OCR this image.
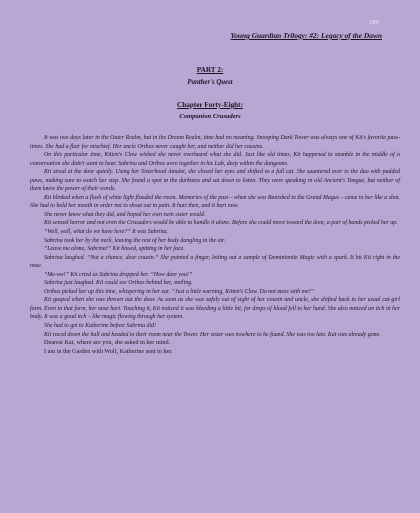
280
Young Guardian Trilogy: #2: Legacy of the Dawn
PART 2:
Panther's Quest
Chapter Forty-Eight:
Companion Crusaders

It was two days later in the Outer Realm, but in the Dream Realm, time had no meaning. Snooping Dark Tower was always one of Kit's favorite pass-times. She had a flair for mischief. Her uncle Orthos never caught her, and neither did her cousins.

On this particular time, Kitten's Claw wished she never overheard what she did. Just like old times, Kit happened to stumble in the middle of a conversation she didn't want to hear. Sabrina and Orthos were together in his Lab, deep within the dungeons.

Kit stood at the door quietly. Using her Sisterhood Amulet, she closed her eyes and shifted to a full cat. She sauntered over to the duo with padded paws, making sure to watch her step. She found a spot in the darkness and sat down to listen. They were speaking in old Ancient's Tongue, but neither of them knew the power of their words.

Kit blinked when a flash of white light flooded the room. Memories of the past – when she was Banished to the Grand Magus – came to her like a shot. She had to hold her mouth in order not to shout out in pain. It hurt then, and it hurt now.

She never knew what they did, and hoped her own twin sister would.

Kit sensed horror and not even the Crusaders would be able to handle it alone. Before she could move toward the door, a pair of hands picked her up.

“Well, well, what do we have here?” It was Sabrina.

Sabrina took her by the neck, leaving the rest of her body dangling in the air.

“Leave me alone, Sabrina!” Kit hissed, spitting in her face.

Sabrina laughed. “Not a chance, dear cousin.” She pointed a finger, letting out a sample of Dominionite Magic with a spark. It hit Kit right in the nose.

“Me-ow!” Kit cried as Sabrina dropped her. “How dare you!”

Sabrina just laughed. Kit could see Orthos behind her, smiling.

Orthos picked her up this time, whispering in her ear. “Just a little warning, Kitten's Claw. Do not mess with me!”

Kit gasped when she was thrown out the door. As soon as she was safely out of sight of her cousin and uncle, she shifted back to her usual cat-girl form. Even in that form, her nose hurt. Touching it, Kit noticed it was bleeding a little bit, for drops of blood fell to her hand. She also noticed an itch in her body. It was a good itch – like magic flowing through her system.

She had to get to Katherine before Sabrina did!

Kit raced down the hall and headed to their room near the Tower. Her sister was nowhere to be found. She was too late. Kat was already gone.

Dearest Kat, where are you, she asked in her mind.

I am in the Garden with Wolf, Katherine sent to her.
